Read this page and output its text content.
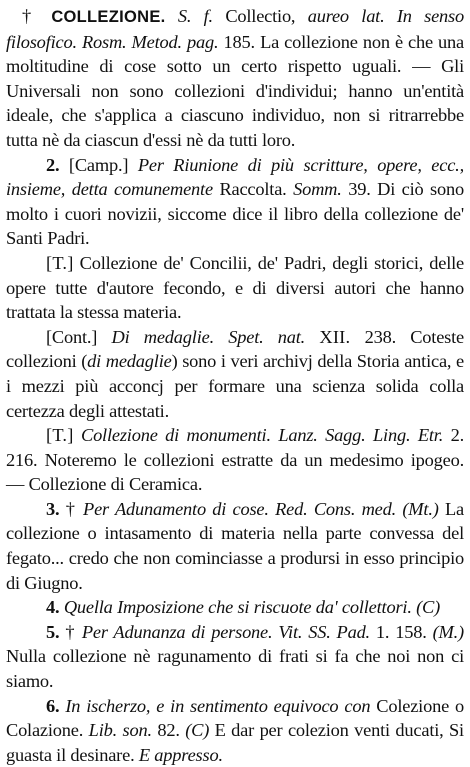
† COLLEZIONE. S. f. Collectio, aureo lat. In senso filosofico. Rosm. Metod. pag. 185. La collezione non è che una moltitudine di cose sotto un certo rispetto uguali. — Gli Universali non sono collezioni d'individui; hanno un'entità ideale, che s'applica a ciascuno individuo, non si ritrarrebbe tutta nè da ciascun d'essi nè da tutti loro.

2. [Camp.] Per Riunione di più scritture, opere, ecc., insieme, detta comunemente Raccolta. Somm. 39. Di ciò sono molto i cuori novizii, siccome dice il libro della collezione de' Santi Padri.

[T.] Collezione de' Concilii, de' Padri, degli storici, delle opere tutte d'autore fecondo, e di diversi autori che hanno trattata la stessa materia.

[Cont.] Di medaglie. Spet. nat. XII. 238. Coteste collezioni (di medaglie) sono i veri archivj della Storia antica, e i mezzi più acconcj per formare una scienza solida colla certezza degli attestati.

[T.] Collezione di monumenti. Lanz. Sagg. Ling. Etr. 2. 216. Noteremo le collezioni estratte da un medesimo ipogeo. — Collezione di Ceramica.

3. † Per Adunamento di cose. Red. Cons. med. (Mt.) La collezione o intasamento di materia nella parte convessa del fegato... credo che non cominciasse a prodursi in esso principio di Giugno.

4. Quella Imposizione che si riscuote da' collettori. (C)

5. † Per Adunanza di persone. Vit. SS. Pad. 1. 158. (M.) Nulla collezione nè ragunamento di frati si fa che noi non ci siamo.

6. In ischerzo, e in sentimento equivoco con Colezione o Colazione. Lib. son. 82. (C) E dar per colezion venti ducati, Si guasta il desinare. E appresso.
